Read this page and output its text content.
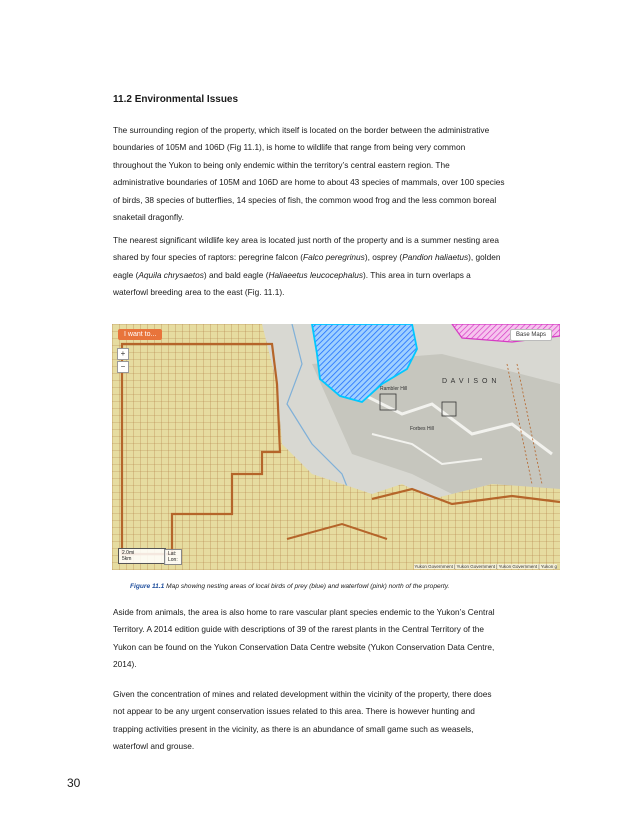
11.2 Environmental Issues
The surrounding region of the property, which itself is located on the border between the administrative
boundaries of 105M and 106D (Fig 11.1), is home to wildlife that range from being very common
throughout the Yukon to being only endemic within the territory’s central eastern region. The
administrative boundaries of 105M and 106D are home to about 43 species of mammals, over 100 species
of birds, 38 species of butterflies, 14 species of fish, the common wood frog and the less common boreal
snaketail dragonfly.
The nearest significant wildlife key area is located just north of the property and is a summer nesting area
shared by four species of raptors: peregrine falcon (Falco peregrinus), osprey (Pandion haliaetus), golden
eagle (Aquila chrysaetos) and bald eagle (Haliaeetus leucocephalus). This area in turn overlaps a
waterfowl breeding area to the east (Fig. 11.1).
I want to...	Base Maps
+
−
Rambler Hill
Forbes Hill
D A V I S O N
2.0mi
5km
Lat:
Lon:
Yukon Government | Yukon Government | Yukon Government | Yukon g
Figure 11.1 Map showing nesting areas of local birds of prey (blue) and waterfowl (pink) north of the property.
Aside from animals, the area is also home to rare vascular plant species endemic to the Yukon’s Central
Territory. A 2014 edition guide with descriptions of 39 of the rarest plants in the Central Territory of the
Yukon can be found on the Yukon Conservation Data Centre website (Yukon Conservation Data Centre,
2014).
Given the concentration of mines and related development within the vicinity of the property, there does
not appear to be any urgent conservation issues related to this area. There is however hunting and
trapping activities present in the vicinity, as there is an abundance of small game such as weasels,
waterfowl and grouse.
30
